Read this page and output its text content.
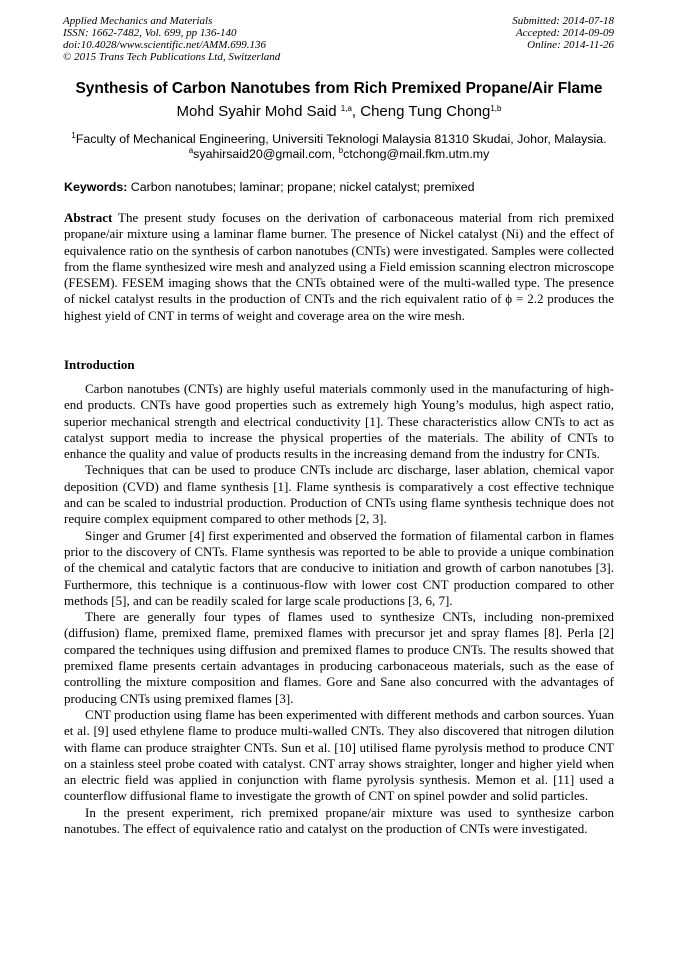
Applied Mechanics and Materials
ISSN: 1662-7482, Vol. 699, pp 136-140
doi:10.4028/www.scientific.net/AMM.699.136
© 2015 Trans Tech Publications Ltd, Switzerland
Submitted: 2014-07-18
Accepted: 2014-09-09
Online: 2014-11-26
Synthesis of Carbon Nanotubes from Rich Premixed Propane/Air Flame
Mohd Syahir Mohd Said $^{1,a}$, Cheng Tung Chong$^{1,b}$
$^1$Faculty of Mechanical Engineering, Universiti Teknologi Malaysia 81310 Skudai, Johor, Malaysia.
$^a$syahirsaid20@gmail.com, $^b$ctchong@mail.fkm.utm.my
Keywords: Carbon nanotubes; laminar; propane; nickel catalyst; premixed

Abstract The present study focuses on the derivation of carbonaceous material from rich premixed propane/air mixture using a laminar flame burner. The presence of Nickel catalyst (Ni) and the effect of equivalence ratio on the synthesis of carbon nanotubes (CNTs) were investigated. Samples were collected from the flame synthesized wire mesh and analyzed using a Field emission scanning electron microscope (FESEM). FESEM imaging shows that the CNTs obtained were of the multi-walled type. The presence of nickel catalyst results in the production of CNTs and the rich equivalent ratio of ϕ = 2.2 produces the highest yield of CNT in terms of weight and coverage area on the wire mesh.

Introduction

Carbon nanotubes (CNTs) are highly useful materials commonly used in the manufacturing of high-end products. CNTs have good properties such as extremely high Young’s modulus, high aspect ratio, superior mechanical strength and electrical conductivity [1]. These characteristics allow CNTs to act as catalyst support media to increase the physical properties of the materials. The ability of CNTs to enhance the quality and value of products results in the increasing demand from the industry for CNTs.

Techniques that can be used to produce CNTs include arc discharge, laser ablation, chemical vapor deposition (CVD) and flame synthesis [1]. Flame synthesis is comparatively a cost effective technique and can be scaled to industrial production. Production of CNTs using flame synthesis technique does not require complex equipment compared to other methods [2, 3].

Singer and Grumer [4] first experimented and observed the formation of filamental carbon in flames prior to the discovery of CNTs. Flame synthesis was reported to be able to provide a unique combination of the chemical and catalytic factors that are conducive to initiation and growth of carbon nanotubes [3]. Furthermore, this technique is a continuous-flow with lower cost CNT production compared to other methods [5], and can be readily scaled for large scale productions [3, 6, 7].

There are generally four types of flames used to synthesize CNTs, including non-premixed (diffusion) flame, premixed flame, premixed flames with precursor jet and spray flames [8]. Perla [2] compared the techniques using diffusion and premixed flames to produce CNTs. The results showed that premixed flame presents certain advantages in producing carbonaceous materials, such as the ease of controlling the mixture composition and flames. Gore and Sane also concurred with the advantages of producing CNTs using premixed flames [3].

CNT production using flame has been experimented with different methods and carbon sources. Yuan et al. [9] used ethylene flame to produce multi-walled CNTs. They also discovered that nitrogen dilution with flame can produce straighter CNTs. Sun et al. [10] utilised flame pyrolysis method to produce CNT on a stainless steel probe coated with catalyst. CNT array shows straighter, longer and higher yield when an electric field was applied in conjunction with flame pyrolysis synthesis. Memon et al. [11] used a counterflow diffusional flame to investigate the growth of CNT on spinel powder and solid particles.

In the present experiment, rich premixed propane/air mixture was used to synthesize carbon nanotubes. The effect of equivalence ratio and catalyst on the production of CNTs were investigated.
